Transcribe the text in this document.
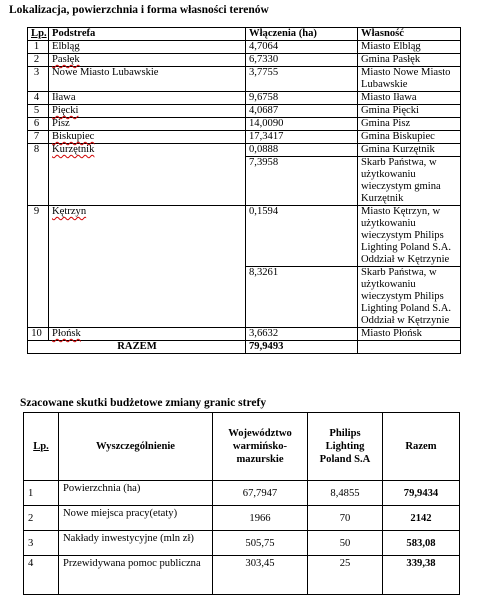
Lokalizacja, powierzchnia i forma własności terenów
Lp.	Podstrefa	Włączenia (ha)	Własność
1	Elbląg	4,7064	Miasto Elbląg
2	Pasłęk	6,7330	Gmina Pasłęk
3	Nowe Miasto Lubawskie	3,7755	Miasto Nowe Miasto Lubawskie
4	Iława	9,6758	Miasto Iława
5	Pięcki	4,0687	Gmina Pięcki
6	Pisz	14,0090	Gmina Pisz
7	Biskupiec	17,3417	Gmina Biskupiec
8	Kurzętnik	0,0888	Gmina Kurzętnik
		7,3958	Skarb Państwa, w użytkowaniu wieczystym gmina Kurzętnik
9	Kętrzyn	0,1594	Miasto Kętrzyn, w użytkowaniu wieczystym Philips Lighting Poland S.A. Oddział w Kętrzynie
		8,3261	Skarb Państwa, w użytkowaniu wieczystym Philips Lighting Poland S.A. Oddział w Kętrzynie
10	Płońsk	3,6632	Miasto Płońsk
RAZEM		79,9493	
Szacowane skutki budżetowe zmiany granic strefy
Lp.	Wyszczególnienie	Województwo warmińsko-mazurskie	Philips Lighting Poland S.A	Razem
1	Powierzchnia (ha)	67,7947	8,4855	79,9434
2	Nowe miejsca pracy(etaty)	1966	70	2142
3	Nakłady inwestycyjne (mln zł)	505,75	50	583,08
4	Przewidywana pomoc publiczna	303,45	25	339,38
